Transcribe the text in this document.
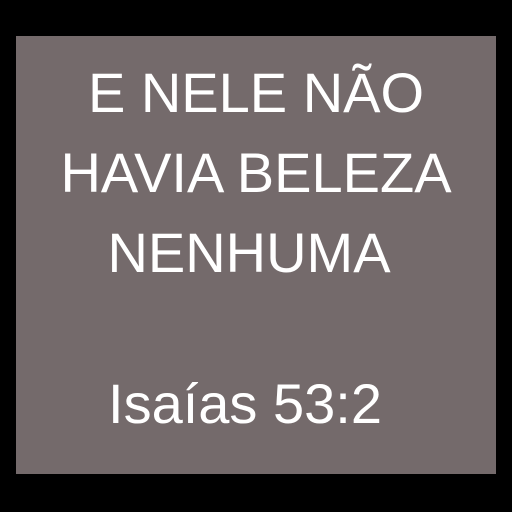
E NELE NÃO
HAVIA BELEZA
NENHUMA
Isaías 53:2
